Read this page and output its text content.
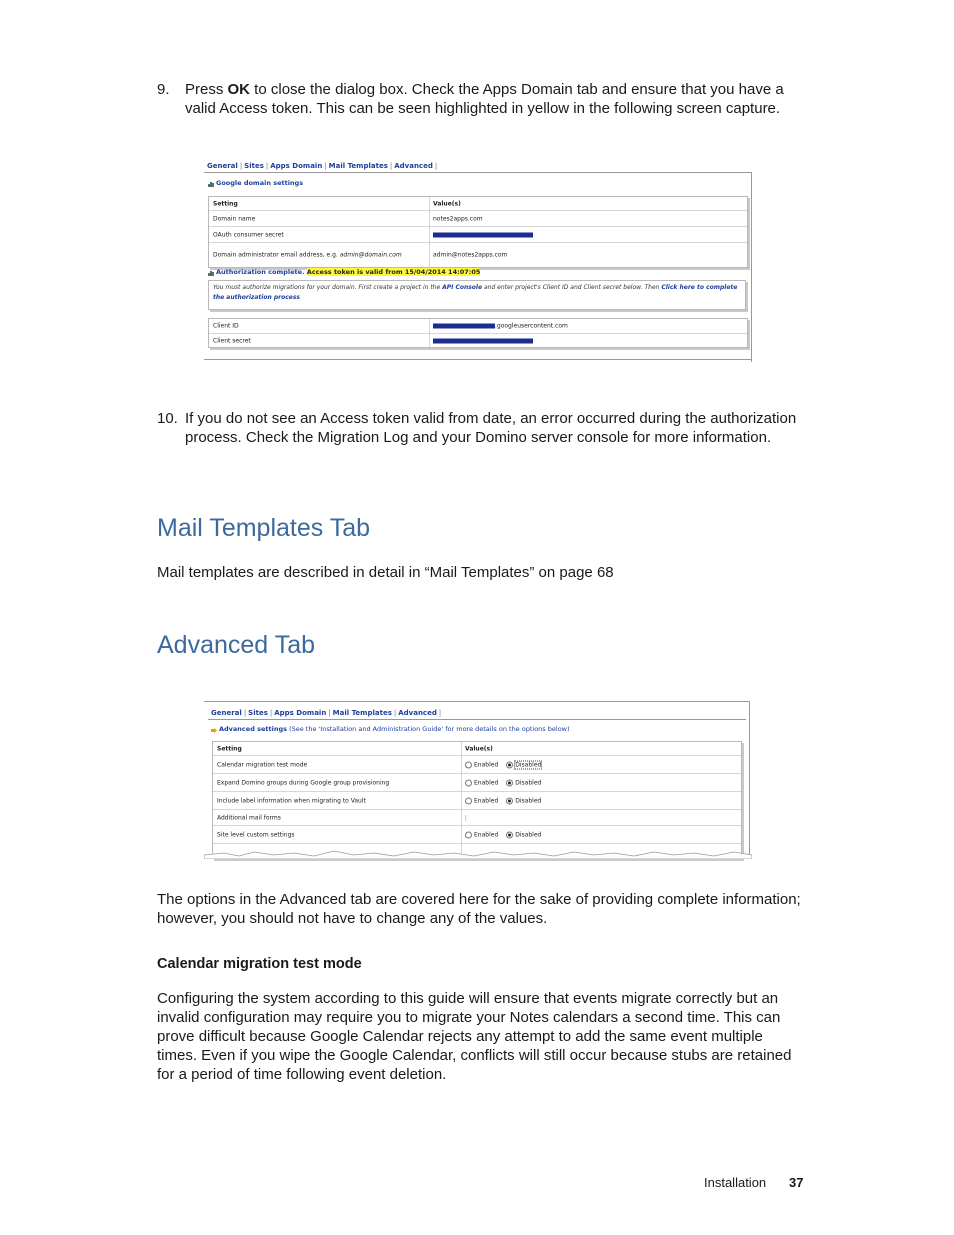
9. Press OK to close the dialog box. Check the Apps Domain tab and ensure that you have a valid Access token. This can be seen highlighted in yellow in the following screen capture.
General | Sites | Apps Domain | Mail Templates | Advanced |
Google domain settings
Setting	Value(s)
Domain name	notes2apps.com
OAuth consumer secret
Domain administrator email address, e.g. admin@domain.com	admin@notes2apps.com
Authorization complete. Access token is valid from 15/04/2014 14:07:05
You must authorize migrations for your domain. First create a project in the API Console and enter project's Client ID and Client secret below. Then Click here to complete the authorization process
Client ID	.googleusercontent.com
Client secret
10. If you do not see an Access token valid from date, an error occurred during the authorization process. Check the Migration Log and your Domino server console for more information.
Mail Templates Tab
Mail templates are described in detail in “Mail Templates” on page 68
Advanced Tab
General | Sites | Apps Domain | Mail Templates | Advanced |
Advanced settings (See the 'Installation and Administration Guide' for more details on the options below)
Setting	Value(s)
Calendar migration test mode	Enabled	Disabled
Expand Domino groups during Google group provisioning	Enabled	Disabled
Include label information when migrating to Vault	Enabled	Disabled
Additional mail forms	⌊
Site level custom settings	Enabled	Disabled
The options in the Advanced tab are covered here for the sake of providing complete information; however, you should not have to change any of the values.
Calendar migration test mode
Configuring the system according to this guide will ensure that events migrate correctly but an invalid configuration may require you to migrate your Notes calendars a second time. This can prove difficult because Google Calendar rejects any attempt to add the same event multiple times. Even if you wipe the Google Calendar, conflicts will still occur because stubs are retained for a period of time following event deletion.
Installation 37
